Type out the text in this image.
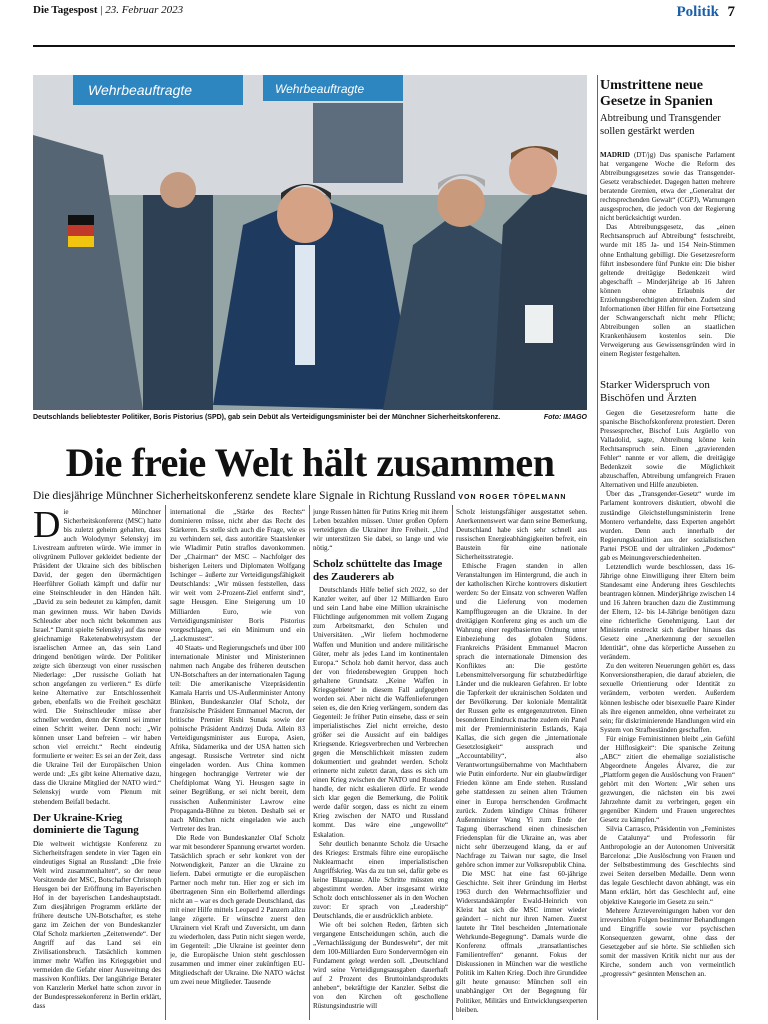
Die Tagespost | 23. Februar 2023	Politik 7
Wehrbeauftragte	Wehrbeauftragte
Deutschlands beliebtester Politiker, Boris Pistorius (SPD), gab sein Debüt als Verteidigungsminister bei der Münchner Sicherheitskonferenz.	Foto: IMAGO
Die freie Welt hält zusammen
Die diesjährige Münchner Sicherheitskonferenz sendete klare Signale in Richtung Russland VON ROGER TÖPELMANN

Die Münchner Sicherheitskonferenz (MSC) hatte bis zuletzt geheim gehalten, dass auch Wolodymyr Selenskyj im Livestream auftreten würde. Wie immer in olivgrünem Pullover gekleidet bediente der Präsident der Ukraine sich des biblischen David, der gegen den übermächtigen Heerführer Goliath kämpft und dafür nur eine Steinschleuder in den Händen hält. „David zu sein bedeutet zu kämpfen, damit man gewinnen muss. Wir haben Davids Schleuder aber noch nicht bekommen aus Israel.“ Damit spielte Selenskyj auf das neue gleichnamige Raketenabwehrsystem der israelischen Armee an, das sein Land dringend benötigen würde. Der Politiker zeigte sich überzeugt von einer russischen Niederlage: „Der russische Goliath hat schon angefangen zu verlieren.“ Es dürfe keine Alternative zur Entschlossenheit geben, ebenfalls wo die Freiheit geschätzt wird. Die Steinschleuder müsse aber schneller werden, denn der Kreml sei immer einen Schritt weiter. Denn noch: „Wir können unser Land befreien – wir haben schon viel erreicht.“ Recht eindeutig formulierte er weiter: Es sei an der Zeit, dass die Ukraine Teil der Europäischen Union werde und: „Es gibt keine Alternative dazu, dass die Ukraine Mitglied der NATO wird.“ Selenskyj wurde vom Plenum mit stehendem Beifall bedacht.

Der Ukraine-Krieg dominierte die Tagung

Die weltweit wichtigste Konferenz zu Sicherheitsfragen sendete in vier Tagen ein eindeutiges Signal an Russland: „Die freie Welt wird zusammenhalten“, so der neue Vorsitzende der MSC, Botschafter Christoph Heusgen bei der Eröffnung im Bayerischen Hof in der bayerischen Landeshauptstadt. Zum diesjährigen Programm erklärte der frühere deutsche UN-Botschafter, es stehe ganz im Zeichen der von Bundeskanzler Olaf Scholz markierten „Zeitenwende“. Der Angriff auf das Land sei ein Zivilisationsbruch. Tatsächlich kommen immer mehr Waffen ins Kriegsgebiet und vermeiden die Gefahr einer Ausweitung des massiven Konflikts. Der langjährige Berater von Kanzlerin Merkel hatte schon zuvor in der Bundespressekonferenz in Berlin erklärt, dass

international die „Stärke des Rechts“ dominieren müsse, nicht aber das Recht des Stärkeren. Es stelle sich auch die Frage, wie es zu verhindern sei, dass autoritäre Staatslenker wie Wladimir Putin straflos davonkommen. Der „Chairman“ der MSC – Nachfolger des bisherigen Leiters und Diplomaten Wolfgang Ischinger – äußerte zur Verteidigungsfähigkeit Deutschlands: „Wir müssen feststellen, dass wir weit vom 2-Prozent-Ziel entfernt sind“, sagte Heusgen. Eine Steigerung um 10 Milliarden Euro, wie von Verteidigungsminister Boris Pistorius vorgeschlagen, sei ein Minimum und ein „Lackmustest“.

40 Staats- und Regierungschefs und über 100 internationale Minister und Ministerinnen nahmen nach Angabe des früheren deutschen UN-Botschafters an der internationalen Tagung teil: Die amerikanische Vizepräsidentin Kamala Harris und US-Außenminister Antony Blinken, Bundeskanzler Olaf Scholz, der französische Präsident Emmanuel Macron, der britische Premier Rishi Sunak sowie der polnische Präsident Andrzej Duda. Allein 83 Verteidigungsminister aus Europa, Asien, Afrika, Südamerika und der USA hatten sich angesagt. Russische Vertreter sind nicht eingeladen worden. Aus China kommen hingegen hochrangige Vertreter wie der Chefdiplomat Wang Yi. Heusgen sagte in seiner Begrüßung, er sei nicht bereit, dem russischen Außenminister Lawrow eine Propaganda-Bühne zu bieten. Deshalb sei er nach München nicht eingeladen wie auch Vertreter des Iran.

Die Rede von Bundeskanzler Olaf Scholz war mit besonderer Spannung erwartet worden. Tatsächlich sprach er sehr konkret von der Notwendigkeit, Panzer an die Ukraine zu liefern. Dabei ermutigte er die europäischen Partner noch mehr tun. Hier zog er sich im übertragenen Sinn ein Bollerhemd allerdings nicht an – war es doch gerade Deutschland, das mit einer Hilfe mittels Leopard 2 Panzern allzu lange zögerte. Er wünschte zuerst den Ukrainern viel Kraft und Zuversicht, um dann zu wiederholen, dass Putin nicht siegen werde, im Gegenteil: „Die Ukraine ist geeinter denn je, die Europäische Union steht geschlossen zusammen und immer einer zukünftigen EU-Mitgliedschaft der Ukraine. Die NATO wächst um zwei neue Mitglieder. Tausende

junge Russen hätten für Putins Krieg mit ihrem Leben bezahlen müssen. Unter großen Opfern verteidigten die Ukrainer ihre Freiheit. „Und wir unterstützen Sie dabei, so lange und wie nötig.“

Scholz schüttelte das Image des Zauderers ab

Deutschlands Hilfe belief sich 2022, so der Kanzler weiter, auf über 12 Milliarden Euro und sein Land habe eine Million ukrainische Flüchtlinge aufgenommen mit vollem Zugang zum Arbeitsmarkt, den Schulen und Universitäten. „Wir liefern hochmoderne Waffen und Munition und andere militärische Güter, mehr als jedes Land im kontinentalen Europa.“ Scholz hob damit hervor, dass auch der von friedensbewegten Gruppen hoch gehaltene Grundsatz „Keine Waffen in Kriegsgebiete“ in diesem Fall aufgegeben worden sei. Aber nicht die Waffenlieferungen seien es, die den Krieg verlängern, sondern das Gegenteil: Je früher Putin einsehe, dass er sein imperialistisches Ziel nicht erreiche, desto größer sei die Aussicht auf ein baldiges Kriegsende. Kriegsverbrechen und Verbrechen gegen die Menschlichkeit müssten zudem dokumentiert und geahndet werden. Scholz erinnerte nicht zuletzt daran, dass es sich um einen Krieg zwischen der NATO und Russland handle, der nicht eskalieren dürfe. Er wende sich klar gegen die Bemerkung, die Politik werde dafür sorgen, dass es nicht zu einem Krieg zwischen der NATO und Russland kommt. Das wäre eine „ungewollte“ Eskalation.

Sehr deutlich benannte Scholz die Ursache des Krieges: Erstmals führe eine europäische Nuklearmacht einen imperialistischen Angriffskrieg. Was da zu tun sei, dafür gebe es keine Blaupause. Alle Schritte müssten eng abgestimmt werden. Aber insgesamt wirkte Scholz doch entschlossener als in den Wochen zuvor: Er sprach von „Leadership“ Deutschlands, die er ausdrücklich anbiete.

Wie oft bei solchen Reden, färbten sich vergangene Entscheidungen schön, auch die „Vernachlässigung der Bundeswehr“, der mit dem 100-Milliarden Euro Sondervermögen ein Fundament gelegt werden soll. „Deutschland wird seine Verteidigungsausgaben dauerhaft auf 2 Prozent des Bruttoinlandsprodukts anheben“, bekräftigte der Kanzler. Selbst die von den Kirchen oft geschollene Rüstungsindustrie will

Scholz leistungsfähiger ausgestattet sehen. Anerkennenswert war dann seine Bemerkung, Deutschland habe sich sehr schnell aus russischen Energieabhängigkeiten befreit, ein Baustein für eine nationale Sicherheitsstrategie.

Ethische Fragen standen in allen Veranstaltungen im Hintergrund, die auch in der katholischen Kirche kontrovers diskutiert werden: So der Einsatz von schweren Waffen und die Lieferung von modernen Kampfflugzeugen an die Ukraine. In der dreitägigen Konferenz ging es auch um die Wahrung einer regelbasierten Ordnung unter Einbeziehung des globalen Südens. Frankreichs Präsident Emmanuel Macron sprach die internationale Dimension des Konfliktes an: Die gestörte Lebensmittelversorgung für schutzbedürftige Länder und die nuklearen Gefahren. Er lobte die Tapferkeit der ukrainischen Soldaten und der Bevölkerung. Der koloniale Mentalität der Russen gelte es entgegenzutreten. Einen besonderen Eindruck machte zudem ein Panel mit der Premierministerin Estlands, Kaja Kallas, die sich gegen die „internationale Gesetzlosigkeit“ aussprach und „Accountability“, also Verantwortungsübernahme von Machthabern wie Putin einforderte. Nur ein glaubwürdiger Frieden könne am Ende stehen. Russland gehe stattdessen zu seinen alten Träumen einer in Europa herrschenden Großmacht zurück. Zudem kündigte Chinas früherer Außenminister Wang Yi zum Ende der Tagung überraschend einen chinesischen Friedensplan für die Ukraine an, was aber nicht sehr überzeugend klang, da er auf Nachfrage zu Taiwan nur sagte, die Insel gehöre schon immer zur Volksrepublik China.

Die MSC hat eine fast 60-jährige Geschichte. Seit ihrer Gründung im Herbst 1963 durch den Wehrmachtsoffizier und Widerstandskämpfer Ewald-Heinrich von Kleist hat sich die MSC immer wieder geändert – nicht nur ihren Namen. Zuerst lautete ihr Titel bescheiden „Internationale Wehrkunde-Begegnung“. Damals wurde die Konferenz offmals „transatlantisches Familientreffen“ genannt. Fokus der Diskussionen in München war die westliche Politik im Kalten Krieg. Doch ihre Grundidee gilt heute genauso: München soll ein unabhängiger Ort der Begegnung für Politiker, Militärs und Entwicklungsexperten bleiben.

Umstrittene neue Gesetze in Spanien

Abtreibung und Transgender sollen gestärkt werden

MADRID (DT/jg) Das spanische Parlament hat vergangene Woche die Reform des Abtreibungsgesetzes sowie das Transgender-Gesetz verabschiedet. Dagegen hatten mehrere beratende Gremien, etwa der „Generalrat der rechtsprechenden Gewalt“ (CGPJ), Warnungen ausgesprochen, die jedoch von der Regierung nicht berücksichtigt wurden.

Das Abtreibungsgesetz, das „einen Rechtsanspruch auf Abtreibung“ festschreibt, wurde mit 185 Ja- und 154 Nein-Stimmen ohne Enthaltung gebilligt. Die Gesetzesreform führt insbesondere fünf Punkte ein: Die bisher geltende dreitägige Bedenkzeit wird abgeschafft – Minderjährige ab 16 Jahren können ohne Erlaubnis der Erziehungsberechtigten abtreiben. Zudem sind Informationen über Hilfen für eine Fortsetzung der Schwangerschaft nicht mehr Pflicht; Abtreibungen sollen an staatlichen Krankenhäusern kostenlos sein. Die Verweigerung aus Gewissensgründen wird in einem Register festgehalten.

Starker Widerspruch von Bischöfen und Ärzten

Gegen die Gesetzesreform hatte die spanische Bischofskonferenz protestiert. Deren Pressesprecher, Bischof Luis Argüello von Valladolid, sagte, Abtreibung könne kein Rechtsanspruch sein. Einen „gravierenden Fehler“ nannte er vor allem, die dreitägige Bedenkzeit sowie die Möglichkeit abzuschaffen, Abtreibung umfangreich Frauen Alternativen und Hilfe anzubieten.

Über das „Transgender-Gesetz“ wurde im Parlament kontrovers diskutiert, obwohl die zuständige Gleichstellungsministerin Irene Montero verhandelte, dass Experten angehört wurden. Denn auch innerhalb der Regierungskoalition aus der sozialistischen Partei PSOE und der ultralinken „Podemos“ gab es Meinungsverschiedenheiten.

Letztendlich wurde beschlossen, dass 16-Jährige ohne Einwilligung ihrer Eltern beim Standesamt eine Änderung ihres Geschlechts beantragen können. Minderjährige zwischen 14 und 16 Jahren brauchen dazu die Zustimmung der Eltern, 12- bis 14-Jährige benötigen dazu eine richterliche Genehmigung. Laut der Ministerin erstreckt sich darüber hinaus das Gesetz eine „Anerkennung der sexuellen Identität“, ohne das körperliche Aussehen zu verändern.

Zu den weiteren Neuerungen gehört es, dass Konversionstherapien, die darauf abzielen, die sexuelle Orientierung oder Identität zu verändern, verboten werden. Außerdem können lesbische oder bisexuelle Paare Kinder als ihre eigenen anmelden, ohne verheiratet zu sein; für diskriminierende Handlungen wird ein System von Strafbeständen geschaffen.

Für einige Feministinnen bleibt „ein Gefühl der Hilflosigkeit“: Die spanische Zeitung „ABC“ zitiert die ehemalige sozialistische Abgeordnete Ángeles Álvarez, die zur „Plattform gegen die Auslöschung von Frauen“ gehört mit den Worten: „Wir sehen uns gezwungen, die nächsten ein bis zwei Jahrzehnte damit zu verbringen, gegen ein gegenüber Kindern und Frauen ungerechtes Gesetz zu kämpfen.“

Silvia Carrasco, Präsidentin von „Feministes de Catalunya“ und Professorin für Anthropologie an der Autonomen Universität Barcelona: „Die Auslöschung von Frauen und der Selbstbestimmung des Geschlechts sind zwei Seiten derselben Medaille. Denn wenn das legale Geschlecht davon abhängt, was ein Mann erklärt, hört das Geschlecht auf, eine objektive Kategorie im Gesetz zu sein.“

Mehrere Ärztevereinigungen haben vor den irreversiblen Folgen bestimmter Behandlungen und Eingriffe sowie vor psychischen Konsequenzen gewarnt, ohne dass der Gesetzgeber auf sie hörte. Sie schließen sich somit der massiven Kritik nicht nur aus der Kirche, sondern auch von vermeintlich „progressiv“ gesinnten Menschen an.
